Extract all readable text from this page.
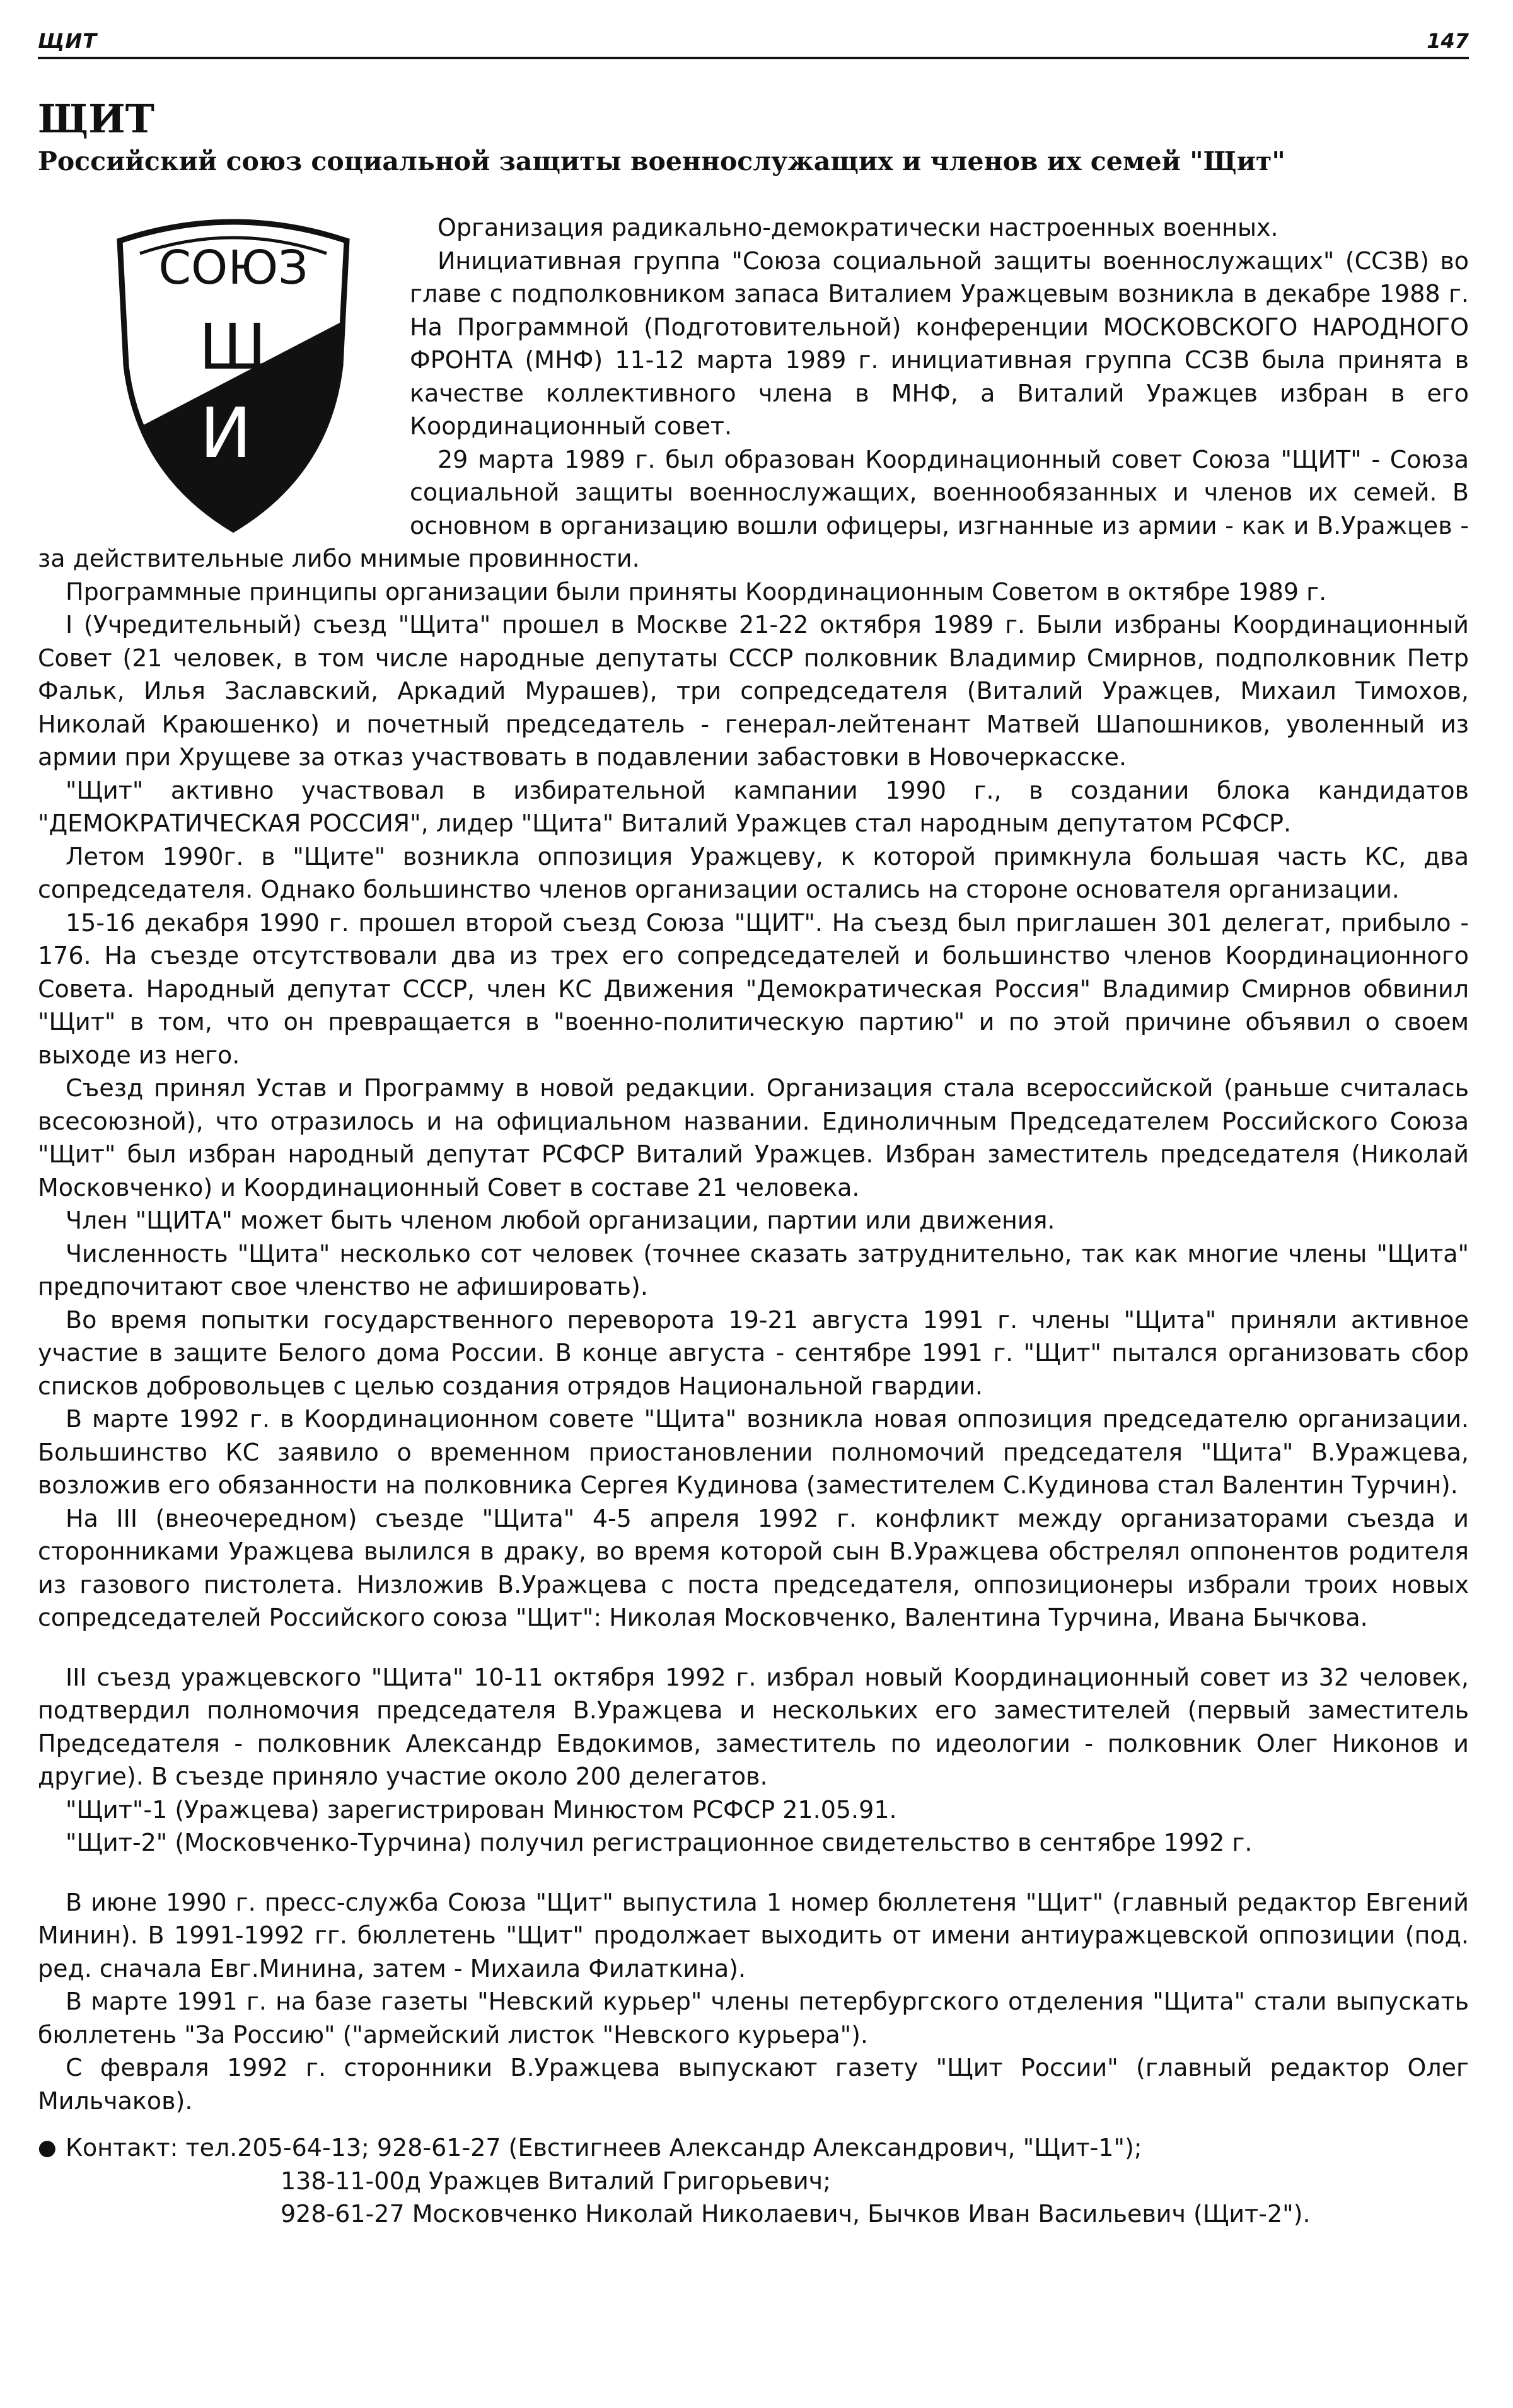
ЩИТ	147
ЩИТ
Российский союз социальной защиты военнослужащих и членов их семей "Щит"
СОЮЗ
Щ
И

Организация радикально-демократически настроенных военных.

Инициативная группа "Союза социальной защиты военнослужащих" (ССЗВ) во главе с подполковником запаса Виталием Уражцевым возникла в декабре 1988 г. На Программной (Подготовительной) конференции МОСКОВСКОГО НАРОДНОГО ФРОНТА (МНФ) 11-12 марта 1989 г. инициативная группа ССЗВ была принята в качестве коллективного члена в МНФ, а Виталий Уражцев избран в его Координационный совет.

29 марта 1989 г. был образован Координационный совет Союза "ЩИТ" - Союза социальной защиты военнослужащих, военнообязанных и членов их семей. В основном в организацию вошли офицеры, изгнанные из армии - как и В.Уражцев - за действительные либо мнимые провинности.

Программные принципы организации были приняты Координационным Советом в октябре 1989 г.

I (Учредительный) съезд "Щита" прошел в Москве 21-22 октября 1989 г. Были избраны Координационный Совет (21 человек, в том числе народные депутаты СССР полковник Владимир Смирнов, подполковник Петр Фальк, Илья Заславский, Аркадий Мурашев), три сопредседателя (Виталий Уражцев, Михаил Тимохов, Николай Краюшенко) и почетный председатель - генерал-лейтенант Матвей Шапошников, уволенный из армии при Хрущеве за отказ участвовать в подавлении забастовки в Новочеркасске.

"Щит" активно участвовал в избирательной кампании 1990 г., в создании блока кандидатов "ДЕМОКРАТИЧЕСКАЯ РОССИЯ", лидер "Щита" Виталий Уражцев стал народным депутатом РСФСР.

Летом 1990г. в "Щите" возникла оппозиция Уражцеву, к которой примкнула большая часть КС, два сопредседателя. Однако большинство членов организации остались на стороне основателя организации.

15-16 декабря 1990 г. прошел второй съезд Союза "ЩИТ". На съезд был приглашен 301 делегат, прибыло - 176. На съезде отсутствовали два из трех его сопредседателей и большинство членов Координационного Совета. Народный депутат СССР, член КС Движения "Демократическая Россия" Владимир Смирнов обвинил "Щит" в том, что он превращается в "военно-политическую партию" и по этой причине объявил о своем выходе из него.

Съезд принял Устав и Программу в новой редакции. Организация стала всероссийской (раньше считалась всесоюзной), что отразилось и на официальном названии. Единоличным Председателем Российского Союза "Щит" был избран народный депутат РСФСР Виталий Уражцев. Избран заместитель председателя (Николай Московченко) и Координационный Совет в составе 21 человека.

Член "ЩИТА" может быть членом любой организации, партии или движения.

Численность "Щита" несколько сот человек (точнее сказать затруднительно, так как многие члены "Щита" предпочитают свое членство не афишировать).

Во время попытки государственного переворота 19-21 августа 1991 г. члены "Щита" приняли активное участие в защите Белого дома России. В конце августа - сентябре 1991 г. "Щит" пытался организовать сбор списков добровольцев с целью создания отрядов Национальной гвардии.

В марте 1992 г. в Координационном совете "Щита" возникла новая оппозиция председателю организации. Большинство КС заявило о временном приостановлении полномочий председателя "Щита" В.Уражцева, возложив его обязанности на полковника Сергея Кудинова (заместителем С.Кудинова стал Валентин Турчин).

На III (внеочередном) съезде "Щита" 4-5 апреля 1992 г. конфликт между организаторами съезда и сторонниками Уражцева вылился в драку, во время которой сын В.Уражцева обстрелял оппонентов родителя из газового пистолета. Низложив В.Уражцева с поста председателя, оппозиционеры избрали троих новых сопредседателей Российского союза "Щит": Николая Московченко, Валентина Турчина, Ивана Бычкова.

III съезд уражцевского "Щита" 10-11 октября 1992 г. избрал новый Координационный совет из 32 человек, подтвердил полномочия председателя В.Уражцева и нескольких его заместителей (первый заместитель Председателя - полковник Александр Евдокимов, заместитель по идеологии - полковник Олег Никонов и другие). В съезде приняло участие около 200 делегатов.

"Щит"-1 (Уражцева) зарегистрирован Минюстом РСФСР 21.05.91.

"Щит-2" (Московченко-Турчина) получил регистрационное свидетельство в сентябре 1992 г.

В июне 1990 г. пресс-служба Союза "Щит" выпустила 1 номер бюллетеня "Щит" (главный редактор Евгений Минин). В 1991-1992 гг. бюллетень "Щит" продолжает выходить от имени антиуражцевской оппозиции (под. ред. сначала Евг.Минина, затем - Михаила Филаткина).

В марте 1991 г. на базе газеты "Невский курьер" члены петербургского отделения "Щита" стали выпускать бюллетень "За Россию" ("армейский листок "Невского курьера").

С февраля 1992 г. сторонники В.Уражцева выпускают газету "Щит России" (главный редактор Олег Мильчаков).

● Контакт: тел.205-64-13; 928-61-27 (Евстигнеев Александр Александрович, "Щит-1");
138-11-00д Уражцев Виталий Григорьевич;
928-61-27 Московченко Николай Николаевич, Бычков Иван Васильевич (Щит-2").
